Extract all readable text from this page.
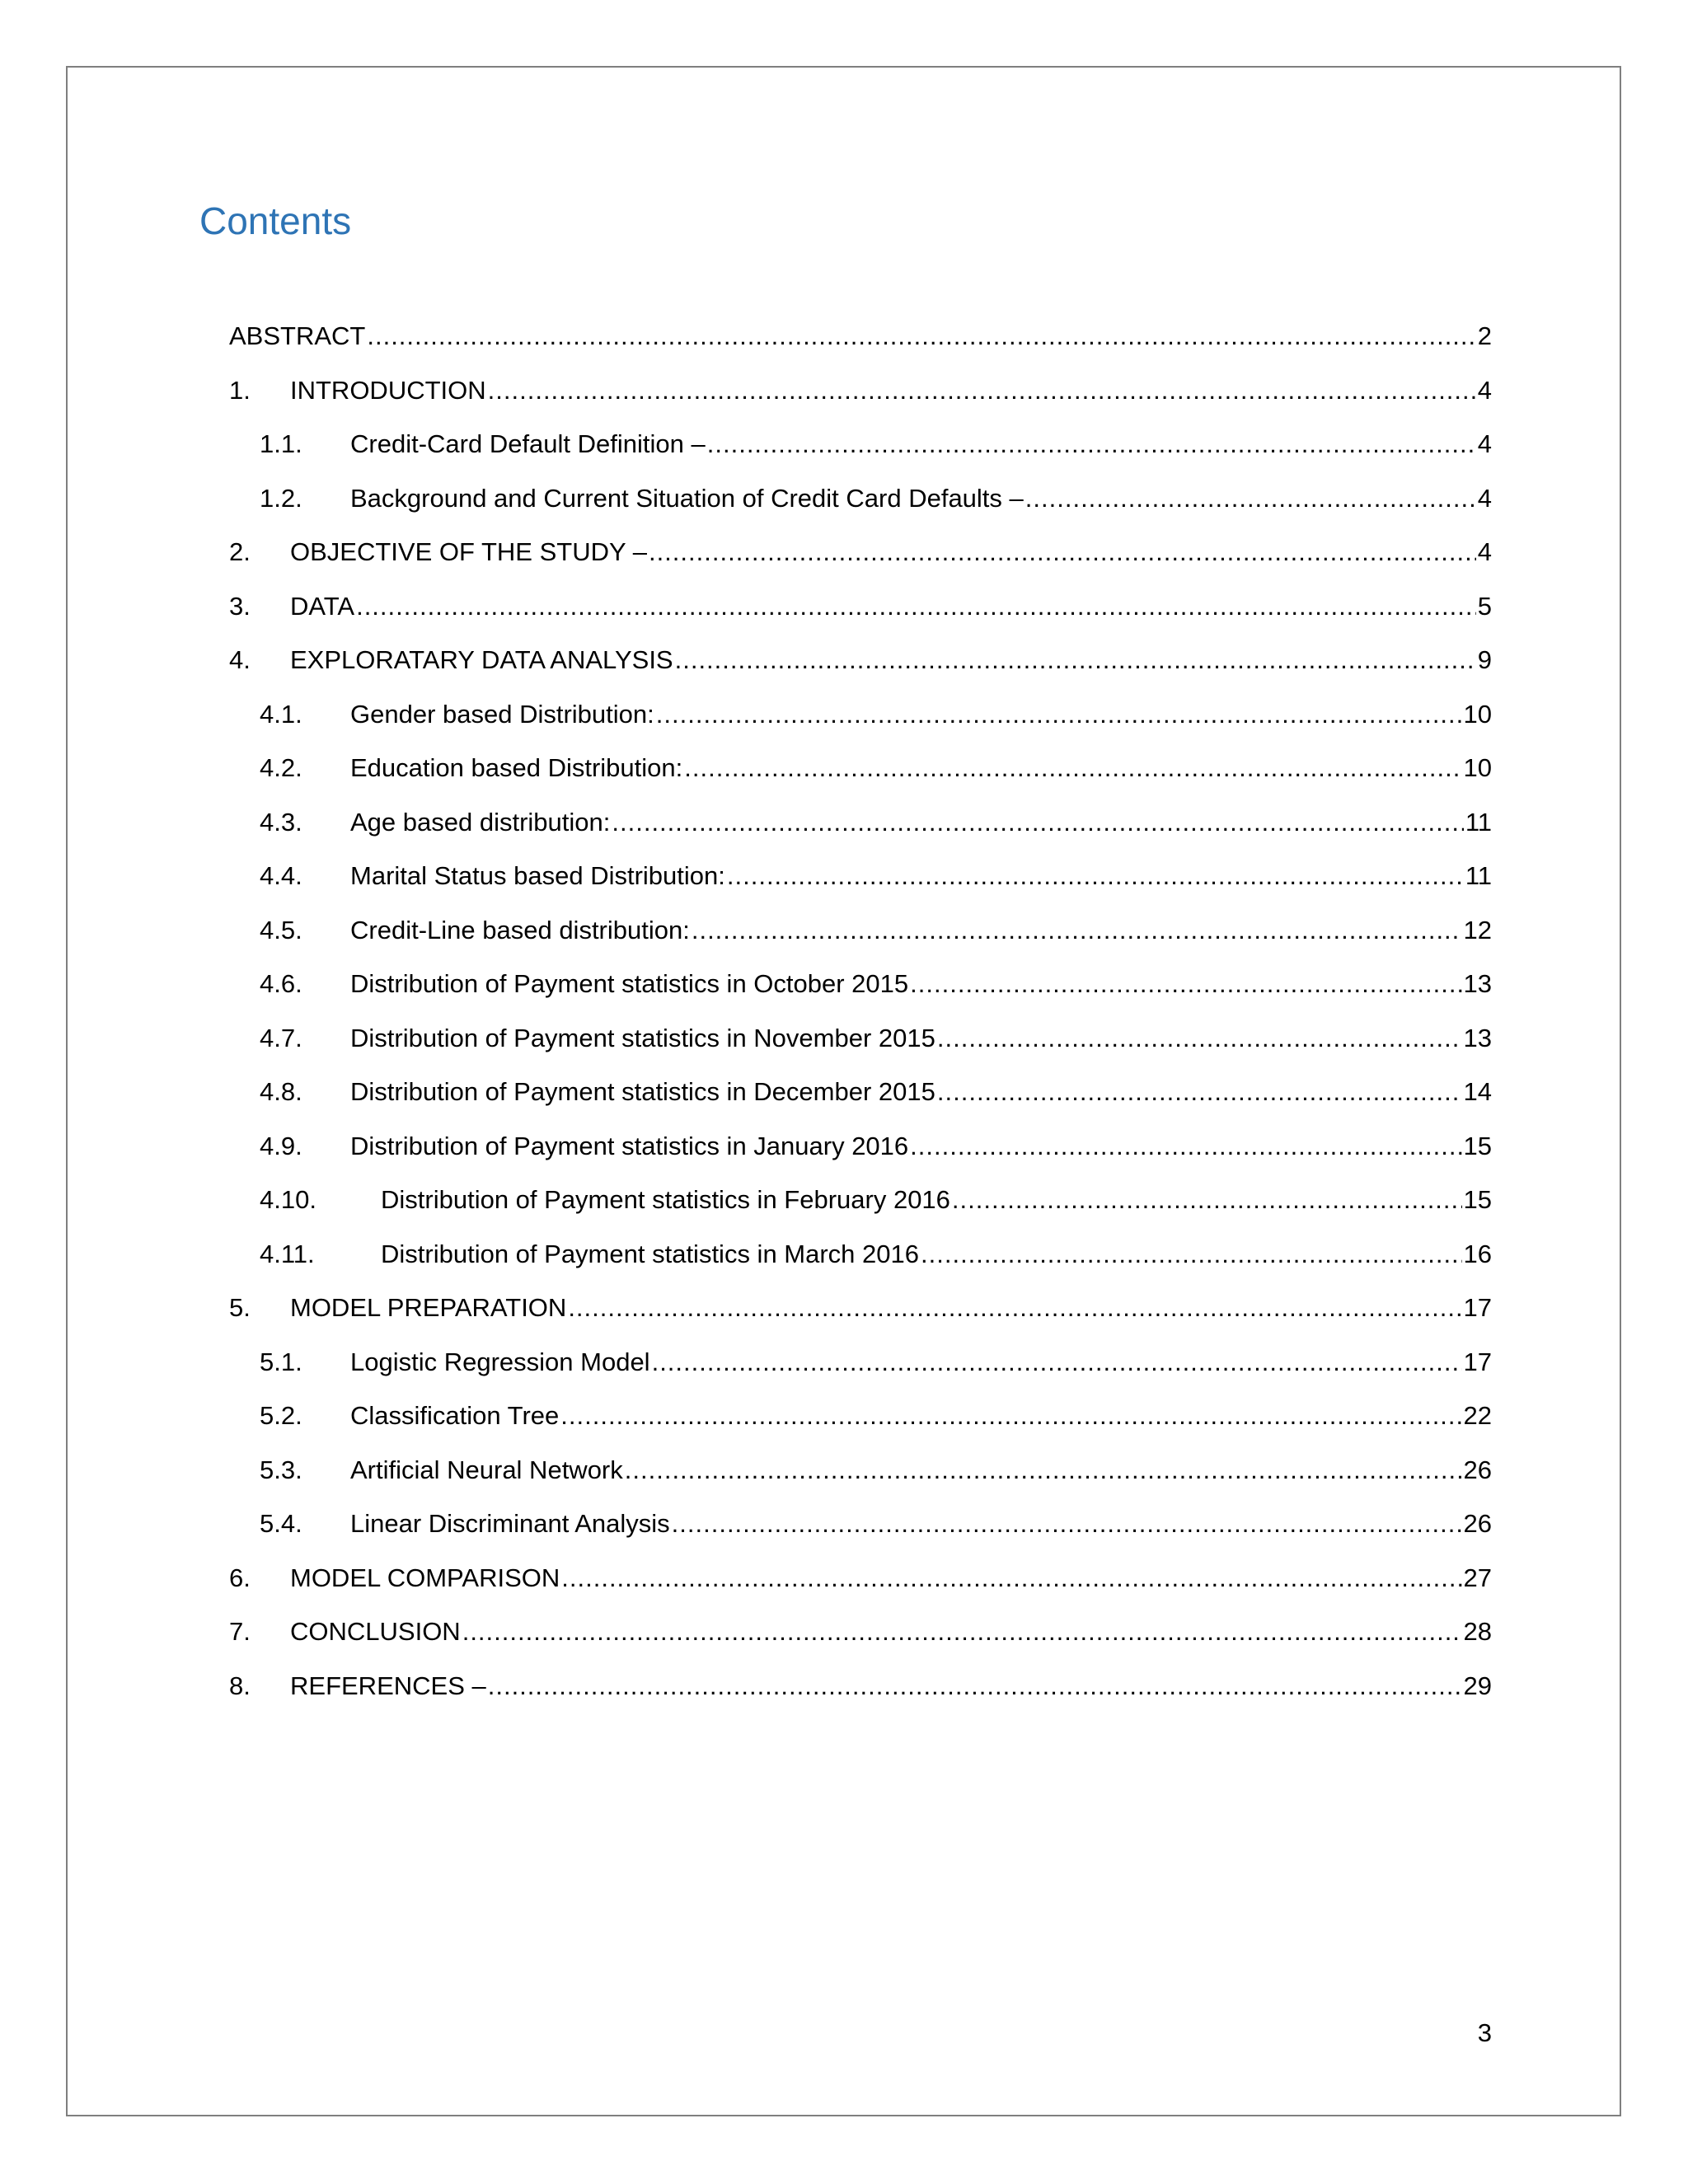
Contents
ABSTRACT .....	2
1.	INTRODUCTION .....	4
1.1.	Credit-Card Default Definition – .....	4
1.2.	Background and Current Situation of Credit Card Defaults – .....	4
2.	OBJECTIVE OF THE STUDY – .....	4
3.	DATA .....	5
4.	EXPLORATARY DATA ANALYSIS .....	9
4.1.	Gender based Distribution: .....	10
4.2.	Education based Distribution: .....	10
4.3.	Age based distribution: .....	11
4.4.	Marital Status based Distribution: .....	11
4.5.	Credit-Line based distribution: .....	12
4.6.	Distribution of Payment statistics in October 2015 .....	13
4.7.	Distribution of Payment statistics in November 2015 .....	13
4.8.	Distribution of Payment statistics in December 2015 .....	14
4.9.	Distribution of Payment statistics in January 2016 .....	15
4.10.	Distribution of Payment statistics in February 2016 .....	15
4.11.	Distribution of Payment statistics in March 2016 .....	16
5.	MODEL PREPARATION .....	17
5.1.	Logistic Regression Model .....	17
5.2.	Classification Tree .....	22
5.3.	Artificial Neural Network .....	26
5.4.	Linear Discriminant Analysis .....	26
6.	MODEL COMPARISON .....	27
7.	CONCLUSION .....	28
8.	REFERENCES – .....	29
3
